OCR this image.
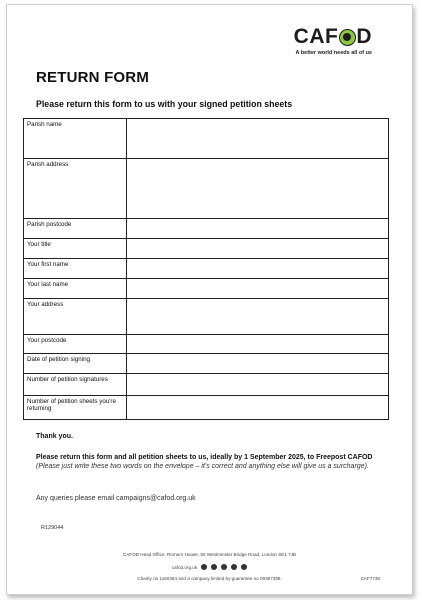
CAF D
A better world needs all of us
RETURN FORM
Please return this form to us with your signed petition sheets
Parish name	
Parish address	
Parish postcode	
Your title	
Your first name	
Your last name	
Your address	
Your postcode	
Date of petition signing	
Number of petition signatures	
Number of petition sheets you're returning	
Thank you.
Please return this form and all petition sheets to us, ideally by 1 September 2025, to Freepost CAFOD (Please just write these two words on the envelope – it's correct and anything else will give us a surcharge).
Any queries please email campaigns@cafod.org.uk
R129044
CAFOD Head Office, Romero House, 55 Westminster Bridge Road, London SE1 7JB
cafod.org.uk
Charity no 1160384 and a company limited by guarantee no 09387398.	CAF7738
